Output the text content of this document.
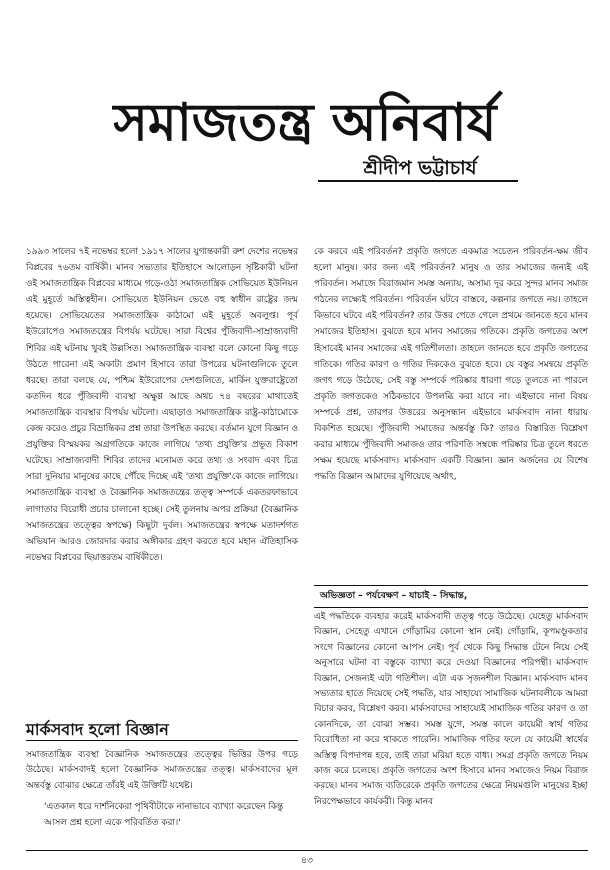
সমাজতন্ত্র অনিবার্য
শ্রীদীপ ভট্টাচার্য

১৯৯৩ সালের ৭ই নভেম্বর হলো ১৯১৭ সালের যুগান্তকারী রুশ দেশের নভেম্বর বিপ্লবের ৭৬তম বার্ষিকী। মানব সভ্যতার ইতিহাসে আলোড়ন সৃষ্টিকারী ঘটনা ওই সমাজতান্ত্রিক বিপ্লবের মাধ্যমে গড়ে-ওঠা সমাজতান্ত্রিক সোভিয়েত ইউনিয়ন এই মুহূর্তে অস্তিত্বহীন। সোভিয়েত ইউনিয়ন ভেঙে বহু স্বাধীন রাষ্ট্রের জন্ম হয়েছে। সোভিয়েতের সমাজতান্ত্রিক কাঠামো এই মুহূর্তে অবলুপ্ত। পূর্ব ইউরোপেও সমাজতন্ত্রের বিপর্যয় ঘটেছে। সারা বিশ্বের পুঁজিবাদী-সাম্রাজ্যবাদী শিবির এই ঘটনায় খুবই উল্লসিত। সমাজতান্ত্রিক ব্যবস্থা বলে কোনো কিছু গড়ে উঠতে পারেনা এই অকাট্য প্রমাণ হিসাবে তারা উপরের ঘটনাগুলিকে তুলে ধরছে। তারা বলছে যে, পশ্চিম ইউরোপের দেশগুলিতে, মার্কিন যুক্তরাষ্ট্রেতো কতদিন ধরে পুঁজিবাদী ব্যবস্থা অক্ষুণ্ণ আছে অথচ ৭৪ বছরের মাথাতেই সমাজতান্ত্রিক ব্যবস্থার বিপর্যয় ঘটলো। এছাড়াও সমাজতান্ত্রিক রাষ্ট্র-কাঠামোকে কেন্দ্র করেও প্রচুর বিভ্রান্তিকর প্রশ্ন তারা উপস্থিত করছে। বর্তমান যুগে বিজ্ঞান ও প্রযুক্তির বিস্ময়কর অগ্রগতিকে কাজে লাগিয়ে 'তথ্য প্রযুক্তি'র প্রভূত বিকাশ ঘটেছে। সাম্রাজ্যবাদী শিবির তাদের মনোমত করে তথ্য ও সংবাদ এবং চিত্র সারা দুনিয়ার মানুষের কাছে পৌঁছে দিচ্ছে এই 'তথ্য প্রযুক্তি'কে কাজে লাগিয়ে। সমাজতান্ত্রিক ব্যবস্থা ও বৈজ্ঞানিক সমাজতন্ত্রের তত্ত্ব সম্পর্কে একতরফাভাবে লাগাতার বিরোধী প্রচার চালানো হচ্ছে। সেই তুলনায় অপর প্রক্রিয়া (বৈজ্ঞানিক সমাজতন্ত্রের তত্ত্বের স্বপক্ষে) কিছুটা দুর্বল। সমাজতন্ত্রের স্বপক্ষে মতাদর্শগত অভিযান আরও জোরদার করার অঙ্গীকার গ্রহণ করতে হবে মহান ঐতিহাসিক নভেম্বর বিপ্লবের ছিয়াত্তরতম বার্ষিকীতে।

মার্কসবাদ হলো বিজ্ঞান
সমাজতান্ত্রিক ব্যবস্থা বৈজ্ঞানিক সমাজতন্ত্রের তত্ত্বের ভিত্তির উপর গড়ে উঠেছে। মার্কসবাদই হলো বৈজ্ঞানিক সমাজতন্ত্রের তত্ত্ব। মার্কসবাদের মূল অন্তর্বস্তু বোঝার ক্ষেত্রে তাঁরই এই উক্তিটি যথেষ্ট।
'এতকাল ধরে দার্শনিকেরা পৃথিবীটাকে নানাভাবে ব্যাখ্যা করেছেন কিন্তু আসল প্রশ্ন হলো একে পরিবর্তিত করা।'

কে করবে এই পরিবর্তন? প্রকৃতি জগতে একমাত্র সচেতন পরিবর্তন-ক্ষম জীব হলো মানুষ। কার জন্য এই পরিবর্তন? মানুষ ও তার সমাজের জন্যই এই পরিবর্তন। সমাজে বিরাজমান সমস্ত অন্যায়, অসাম্য দূর করে সুন্দর মানব সমাজ গঠনের লক্ষ্যেই পরিবর্তন। পরিবর্তন ঘটবে বাস্তবে, কল্পনার জগতে নয়। তাহলে কিভাবে ঘটবে এই পরিবর্তন? তার উত্তর পেতে গেলে প্রথমে জানতে হবে মানব সমাজের ইতিহাস। বুঝতে হবে মানব সমাজের গতিকে। প্রকৃতি জগতের অংশ হিসাবেই মানব সমাজের এই গতিশীলতা। তাহলে জানতে হবে প্রকৃতি জগতের গতিকে। গতির কারণ ও গতির দিককেও বুঝতে হবে। যে বস্তুর সমন্বয়ে প্রকৃতি জগৎ গড়ে উঠেছে, সেই বস্তু সম্পর্কে পরিষ্কার ধারণা গড়ে তুলতে না পারলে প্রকৃতি জগতকেও সঠিকভাবে উপলব্ধি করা যাবে না। এইভাবে নানা বিষয় সম্পর্কে প্রশ্ন, তারপর উত্তরের অনুসন্ধান এইভাবে মার্কসবাদ নানা ধারায় বিকশিত হয়েছে। পুঁজিবাদী সমাজের অন্তর্বস্তু কি? তারও বিস্তারিত বিশ্লেষণ করার মাধ্যমে পুঁজিবাদী সমাজও তার পরিণতি সম্বন্ধে পরিষ্কার চিত্র তুলে ধরতে সক্ষম হয়েছে মার্কসবাদ। মার্কসবাদ একটি বিজ্ঞান। জ্ঞান অর্জনের যে বিশেষ পদ্ধতি বিজ্ঞান আমাদের যুগিয়েছে অর্থাৎ,

অভিজ্ঞতা – পর্যবেক্ষণ – যাচাই – সিদ্ধান্ত,
এই পদ্ধতিকে ব্যবহার করেই মার্কসবাদী তত্ত্ব গড়ে উঠেছে। যেহেতু মার্কসবাদ বিজ্ঞান, সেহেতু এখানে গোঁড়ামির কোনো স্থান নেই। গোঁড়ামি, কূপমণ্ডূকতার সংগে বিজ্ঞানের কোনো আপস নেই। পূর্ব থেকে কিছু সিদ্ধান্ত টেনে নিয়ে সেই অনুসারে ঘটনা বা বস্তুকে ব্যাখ্যা করে দেওয়া বিজ্ঞানের পরিপন্থী। মার্কসবাদ বিজ্ঞান, সেজন্যই এটা গতিশীল। এটা এক সৃজনশীল বিজ্ঞান। মার্কসবাদ মানব সভ্যতার হাতে দিয়েছে সেই পদ্ধতি, যার সাহায্যে সামাজিক ঘটনাবলীকে আমরা বিচার করব, বিশ্লেষণ করব। মার্কসবাদের সাহায্যেই সামাজিক গতির কারণ ও তা কোনদিকে, তা বোঝা সম্ভব। সমস্ত যুগে, সমস্ত কালে কায়েমী স্বার্থ গতির বিরোধিতা না করে থাকতে পারেনি। সামাজিক গতির ফলে যে কায়েমী স্বার্থের অস্তিত্ব বিপদাপন্ন হবে, তাই তারা মরিয়া হতে বাধ্য। সমগ্র প্রকৃতি জগতে নিয়ম কাজ করে চলেছে। প্রকৃতি জগতের অংশ হিসাবে মানব সমাজেও নিয়ম বিরাজ করছে। মানব সমাজ ব্যতিরেকে প্রকৃতি জগতের ক্ষেত্রে নিয়মগুলি মানুষের ইচ্ছা নিরপেক্ষভাবে কার্যকরী। কিন্তু মানব
৪৩
